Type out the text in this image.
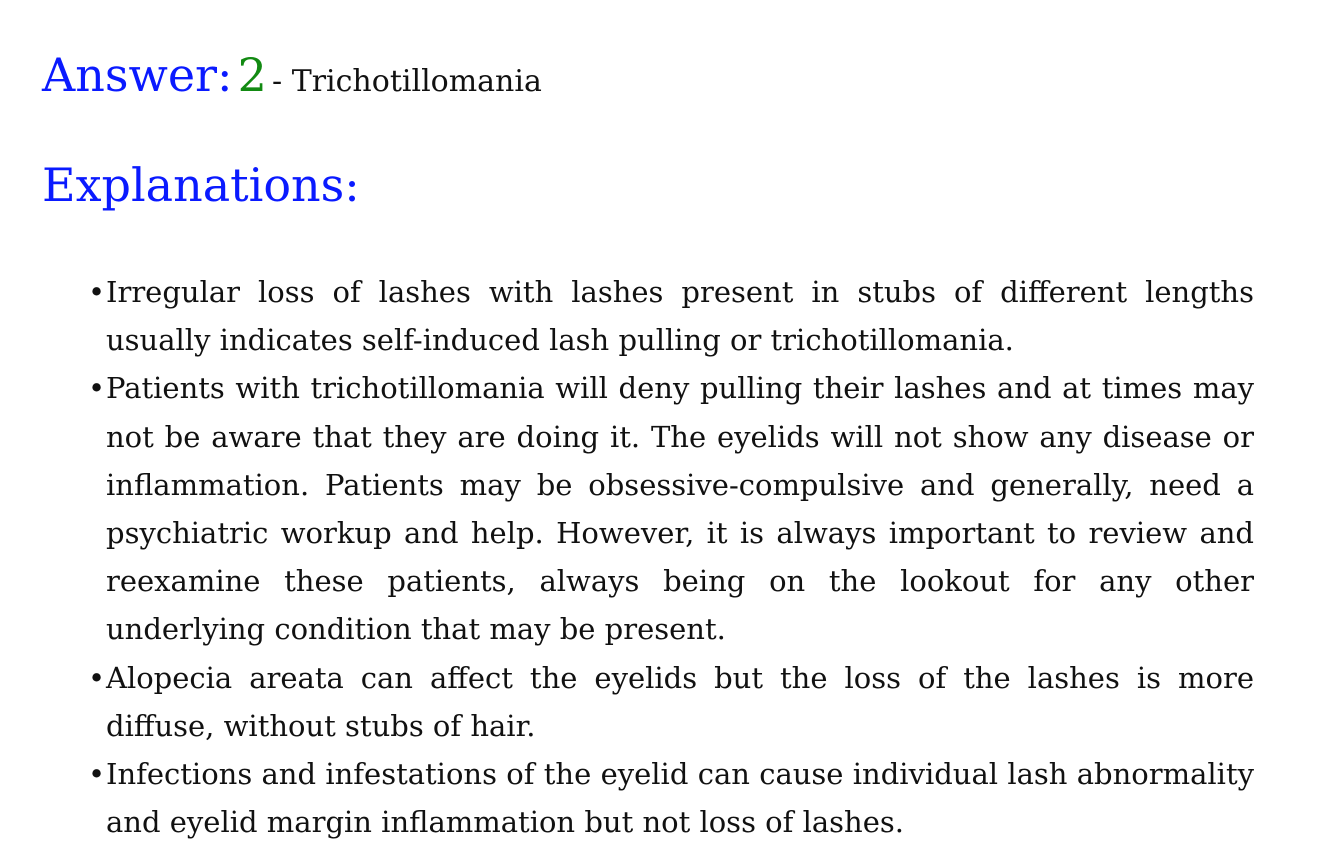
Answer: 2 - Trichotillomania
Explanations:
• Irregular loss of lashes with lashes present in stubs of different lengths usually indicates self-induced lash pulling or trichotillomania.
• Patients with trichotillomania will deny pulling their lashes and at times may not be aware that they are doing it. The eyelids will not show any disease or inflammation. Patients may be obsessive-compulsive and generally, need a psychiatric workup and help. However, it is always important to review and reexamine these patients, always being on the lookout for any other underlying condition that may be present.
• Alopecia areata can affect the eyelids but the loss of the lashes is more diffuse, without stubs of hair.
• Infections and infestations of the eyelid can cause individual lash abnormality and eyelid margin inflammation but not loss of lashes.
